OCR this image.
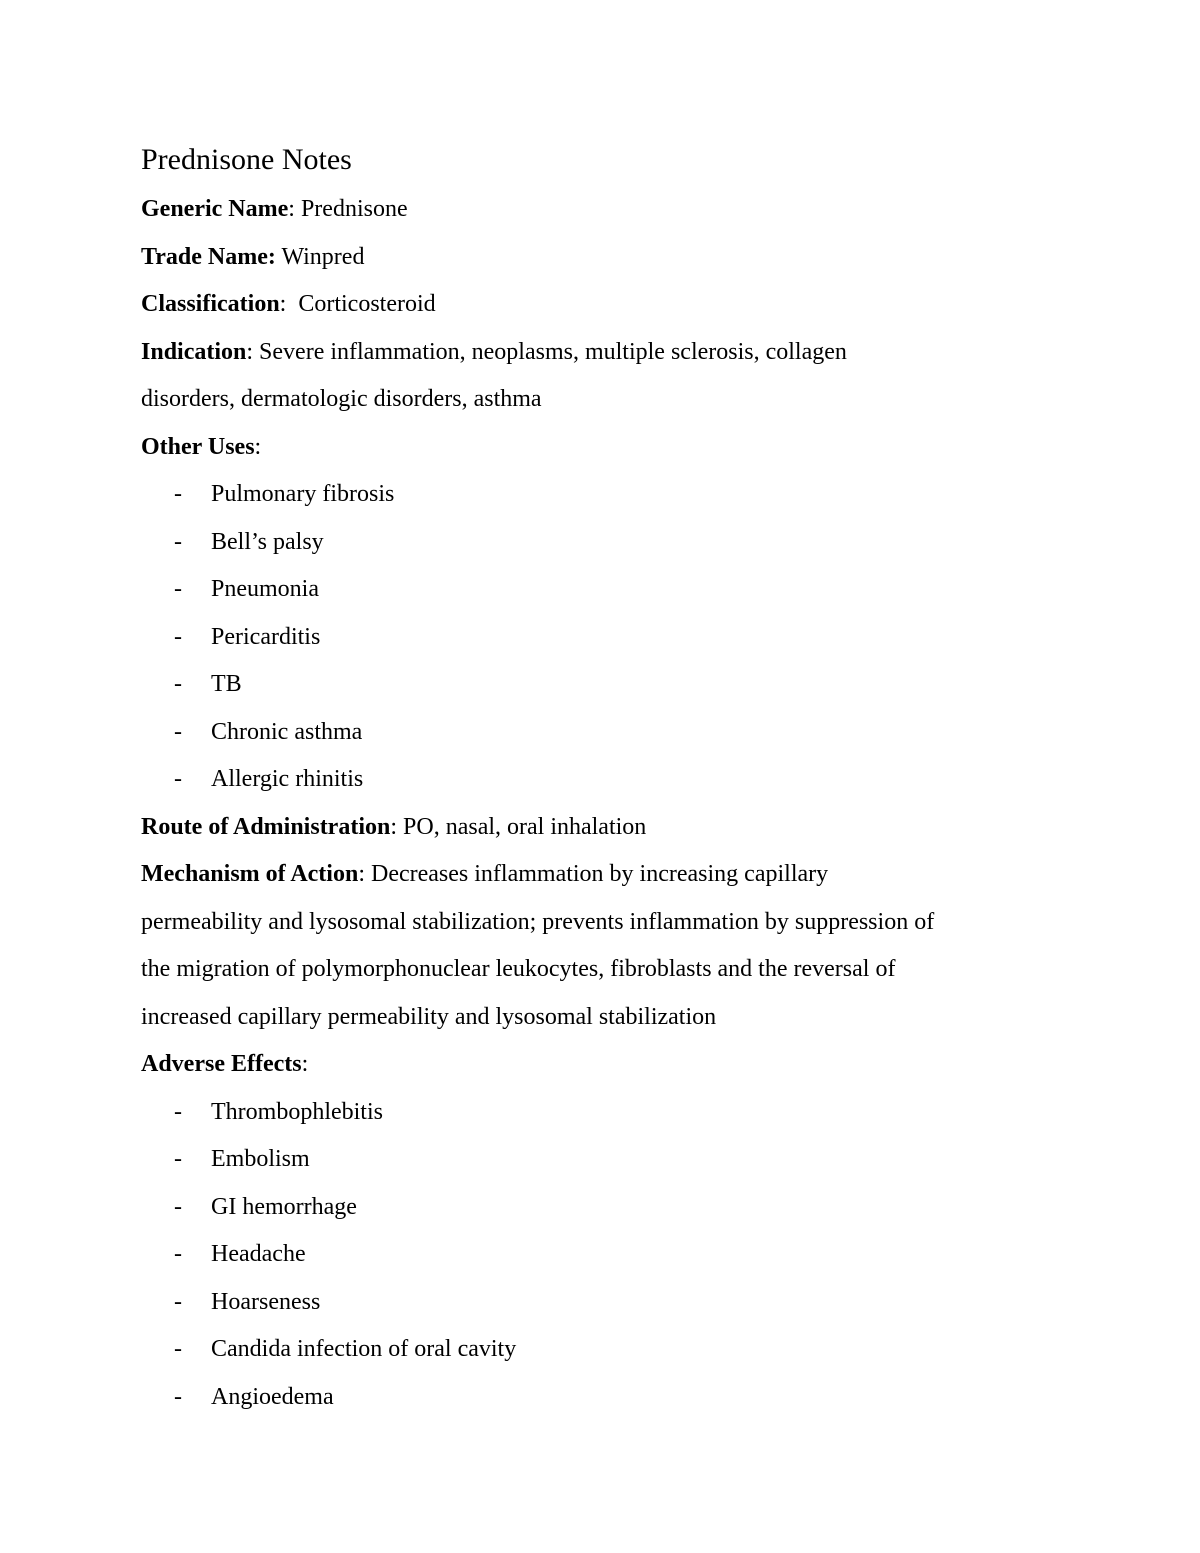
Prednisone Notes

Generic Name: Prednisone

Trade Name: Winpred

Classification:  Corticosteroid

Indication: Severe inflammation, neoplasms, multiple sclerosis, collagen

disorders, dermatologic disorders, asthma

Other Uses:

-	Pulmonary fibrosis
-	Bell’s palsy
-	Pneumonia
-	Pericarditis
-	TB
-	Chronic asthma
-	Allergic rhinitis

Route of Administration: PO, nasal, oral inhalation

Mechanism of Action: Decreases inflammation by increasing capillary

permeability and lysosomal stabilization; prevents inflammation by suppression of

the migration of polymorphonuclear leukocytes, fibroblasts and the reversal of

increased capillary permeability and lysosomal stabilization

Adverse Effects:

-	Thrombophlebitis
-	Embolism
-	GI hemorrhage
-	Headache
-	Hoarseness
-	Candida infection of oral cavity
-	Angioedema
